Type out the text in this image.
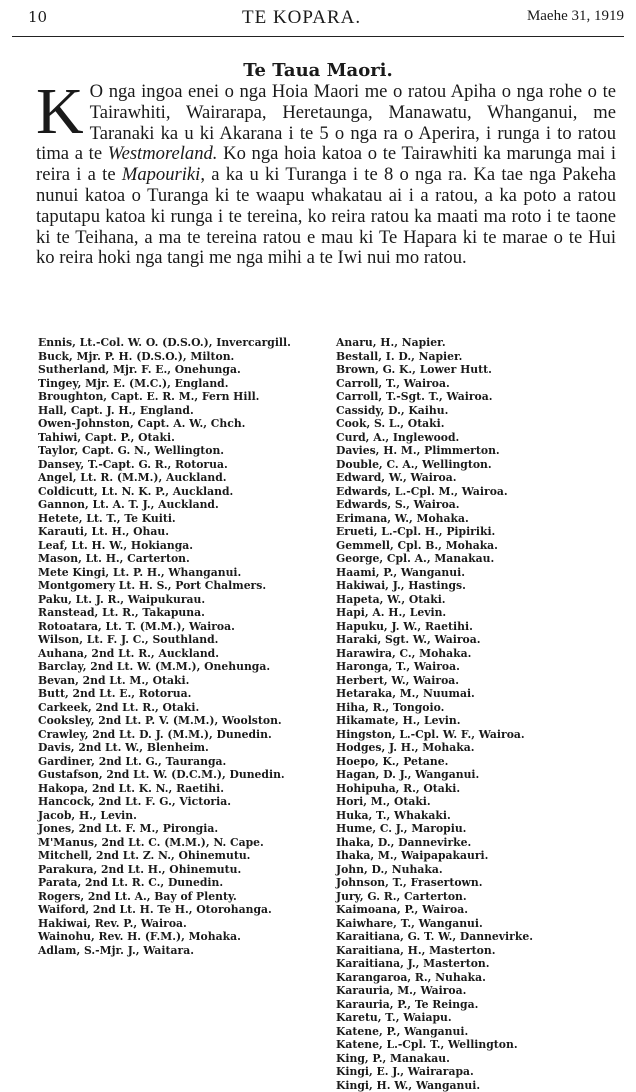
10	TE KOPARA.	Maehe 31, 1919
Te Taua Maori.
K O nga ingoa enei o nga Hoia Maori me o ratou Apiha o nga rohe o te Tairawhiti, Wairarapa, Heretaunga, Manawatu, Whanganui, me Taranaki ka u ki Akarana i te 5 o nga ra o Aperira, i runga i to ratou tima a te Westmoreland. Ko nga hoia katoa o te Tairawhiti ka marunga mai i reira i a te Mapouriki, a ka u ki Turanga i te 8 o nga ra. Ka tae nga Pakeha nunui katoa o Turanga ki te waapu whakatau ai i a ratou, a ka poto a ratou taputapu katoa ki runga i te tereina, ko reira ratou ka maati ma roto i te taone ki te Teihana, a ma te tereina ratou e mau ki Te Hapara ki te marae o te Hui ko reira hoki nga tangi me nga mihi a te Iwi nui mo ratou.

Ennis, Lt.-Col. W. O. (D.S.O.), Invercargill.

Buck, Mjr. P. H. (D.S.O.), Milton.

Sutherland, Mjr. F. E., Onehunga.

Tingey, Mjr. E. (M.C.), England.

Broughton, Capt. E. R. M., Fern Hill.

Hall, Capt. J. H., England.

Owen-Johnston, Capt. A. W., Chch.

Tahiwi, Capt. P., Otaki.

Taylor, Capt. G. N., Wellington.

Dansey, T.-Capt. G. R., Rotorua.

Angel, Lt. R. (M.M.), Auckland.

Coldicutt, Lt. N. K. P., Auckland.

Gannon, Lt. A. T. J., Auckland.

Hetete, Lt. T., Te Kuiti.

Karauti, Lt. H., Ohau.

Leaf, Lt. H. W., Hokianga.

Mason, Lt. H., Carterton.

Mete Kingi, Lt. P. H., Whanganui.

Montgomery Lt. H. S., Port Chalmers.

Paku, Lt. J. R., Waipukurau.

Ranstead, Lt. R., Takapuna.

Rotoatara, Lt. T. (M.M.), Wairoa.

Wilson, Lt. F. J. C., Southland.

Auhana, 2nd Lt. R., Auckland.

Barclay, 2nd Lt. W. (M.M.), Onehunga.

Bevan, 2nd Lt. M., Otaki.

Butt, 2nd Lt. E., Rotorua.

Carkeek, 2nd Lt. R., Otaki.

Cooksley, 2nd Lt. P. V. (M.M.), Woolston.

Crawley, 2nd Lt. D. J. (M.M.), Dunedin.

Davis, 2nd Lt. W., Blenheim.

Gardiner, 2nd Lt. G., Tauranga.

Gustafson, 2nd Lt. W. (D.C.M.), Dunedin.

Hakopa, 2nd Lt. K. N., Raetihi.

Hancock, 2nd Lt. F. G., Victoria.

Jacob, H., Levin.

Jones, 2nd Lt. F. M., Pirongia.

M'Manus, 2nd Lt. C. (M.M.), N. Cape.

Mitchell, 2nd Lt. Z. N., Ohinemutu.

Parakura, 2nd Lt. H., Ohinemutu.

Parata, 2nd Lt. R. C., Dunedin.

Rogers, 2nd Lt. A., Bay of Plenty.

Waiford, 2nd Lt. H. Te H., Otorohanga.

Hakiwai, Rev. P., Wairoa.

Wainohu, Rev. H. (F.M.), Mohaka.

Adlam, S.-Mjr. J., Waitara.

Anaru, H., Napier.

Bestall, I. D., Napier.

Brown, G. K., Lower Hutt.

Carroll, T., Wairoa.

Carroll, T.-Sgt. T., Wairoa.

Cassidy, D., Kaihu.

Cook, S. L., Otaki.

Curd, A., Inglewood.

Davies, H. M., Plimmerton.

Double, C. A., Wellington.

Edward, W., Wairoa.

Edwards, L.-Cpl. M., Wairoa.

Edwards, S., Wairoa.

Erimana, W., Mohaka.

Erueti, L.-Cpl. H., Pipiriki.

Gemmell, Cpl. B., Mohaka.

George, Cpl. A., Manakau.

Haami, P., Wanganui.

Hakiwai, J., Hastings.

Hapeta, W., Otaki.

Hapi, A. H., Levin.

Hapuku, J. W., Raetihi.

Haraki, Sgt. W., Wairoa.

Harawira, C., Mohaka.

Haronga, T., Wairoa.

Herbert, W., Wairoa.

Hetaraka, M., Nuumai.

Hiha, R., Tongoio.

Hikamate, H., Levin.

Hingston, L.-Cpl. W. F., Wairoa.

Hodges, J. H., Mohaka.

Hoepo, K., Petane.

Hagan, D. J., Wanganui.

Hohipuha, R., Otaki.

Hori, M., Otaki.

Huka, T., Whakaki.

Hume, C. J., Maropiu.

Ihaka, D., Dannevirke.

Ihaka, M., Waipapakauri.

John, D., Nuhaka.

Johnson, T., Frasertown.

Jury, G. R., Carterton.

Kaimoana, P., Wairoa.

Kaiwhare, T., Wanganui.

Karaitiana, G. T. W., Dannevirke.

Karaitiana, H., Masterton.

Karaitiana, J., Masterton.

Karangaroa, R., Nuhaka.

Karauria, M., Wairoa.

Karauria, P., Te Reinga.

Karetu, T., Waiapu.

Katene, P., Wanganui.

Katene, L.-Cpl. T., Wellington.

King, P., Manakau.

Kingi, E. J., Wairarapa.

Kingi, H. W., Wanganui.
